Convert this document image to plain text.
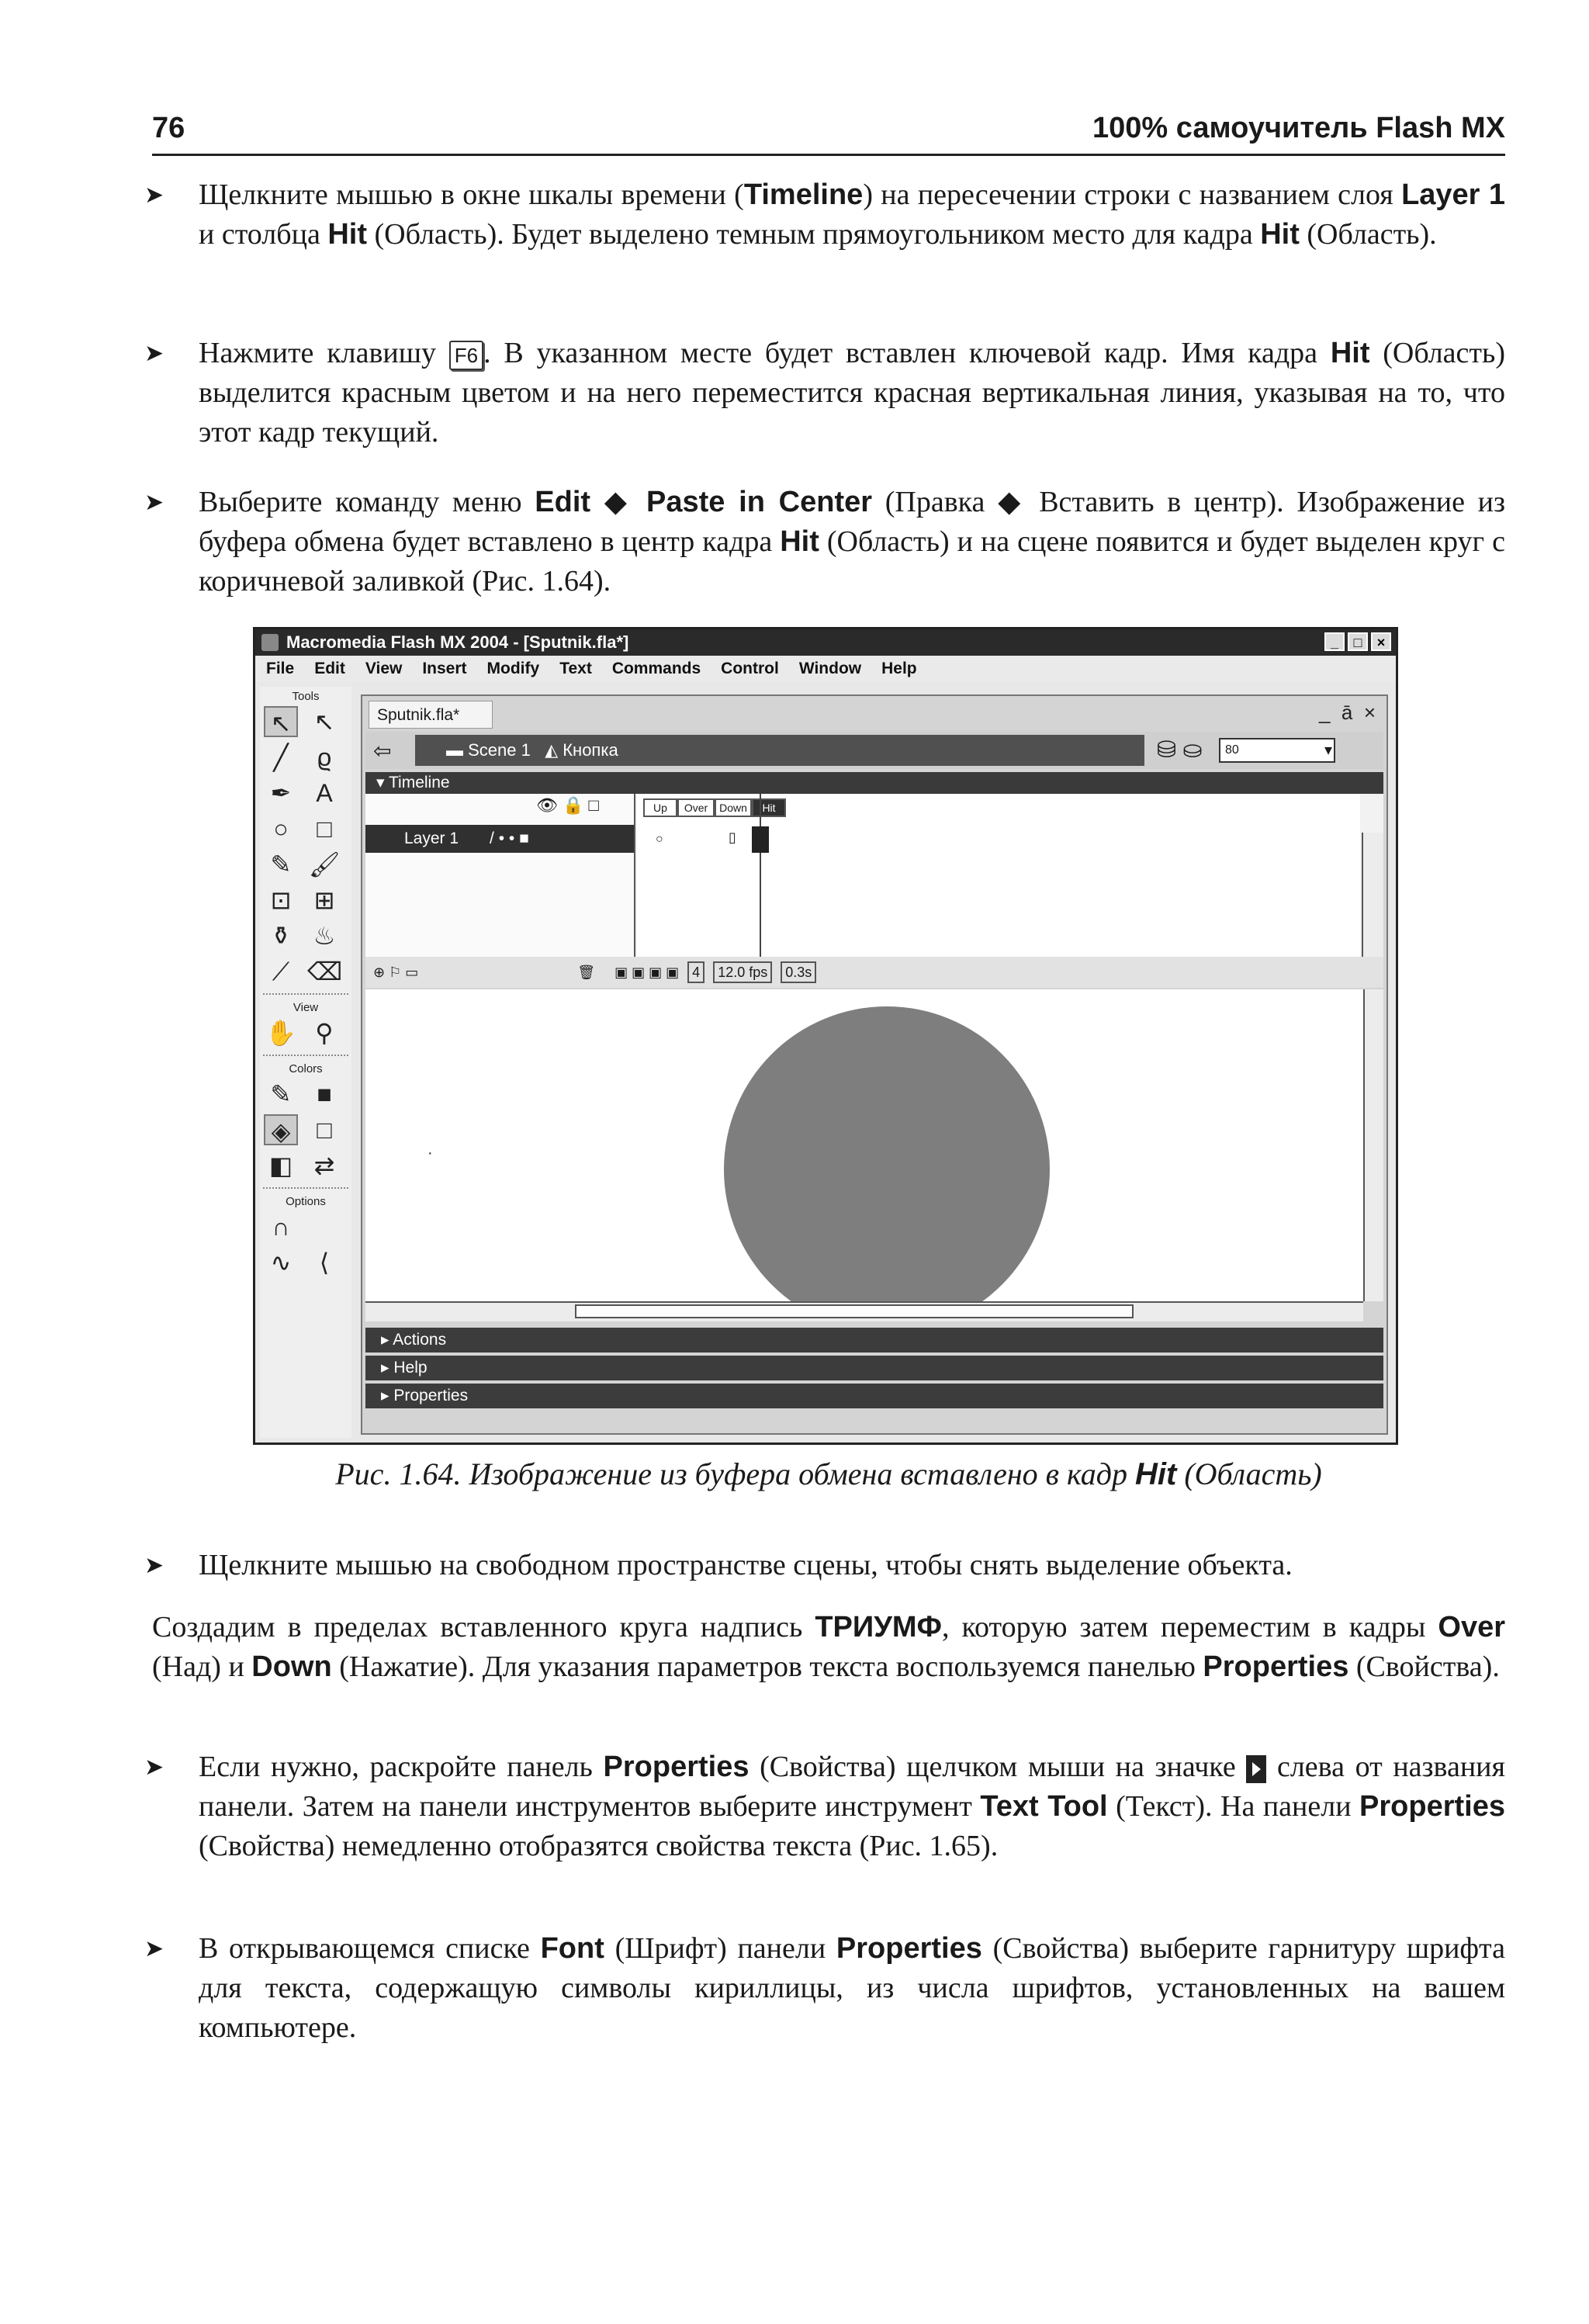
76	100% самоучитель Flash MX
➤ Щелкните мышью в окне шкалы времени (Timeline) на пересечении строки с названием слоя Layer 1 и столбца Hit (Область). Будет выделено темным прямоугольником место для кадра Hit (Область).
➤ Нажмите клавишу F6 . В указанном месте будет вставлен ключевой кадр. Имя кадра Hit (Область) выделится красным цветом и на него переместится красная вертикальная линия, указывая на то, что этот кадр текущий.
➤ Выберите команду меню Edit ◆ Paste in Center (Правка ◆ Вставить в центр). Изображение из буфера обмена будет вставлено в центр кадра Hit (Область) и на сцене появится и будет выделен круг с коричневой заливкой (Рис. 1.64).
Macromedia Flash MX 2004 - [Sputnik.fla*]	_	□	×
File Edit View Insert Modify Text Commands Control Window Help
Tools
↖ ↖
╱	ϱ
✒ A
○	□
✎ 🖌
⊡ ⊞
⚱ ♨
⟋ ⌫
View
✋ ⚲
Colors
✎	■
◈	□
◧ ⇄
Options
∩
∿	⟨
Sputnik.fla*	_  ā  ×
⇦	▬ Scene 1 ◭ Кнопка	⛁ ⛀	80 ▾
▾ Timeline
👁 🔒 □
Layer 1 / • • ■
Up	Over	Down	Hit
○	▯
⊕ ⚐ ▭	🗑 ▣ ▣ ▣ ▣ 4 12.0 fps 0.3s
·
▸ Actions
▸ Help
▸ Properties
Рис. 1.64. Изображение из буфера обмена вставлено в кадр Hit (Область)
➤ Щелкните мышью на свободном пространстве сцены, чтобы снять выделение объекта.
Создадим в пределах вставленного круга надпись ТРИУМФ, которую затем переместим в кадры Over (Над) и Down (Нажатие). Для указания параметров текста воспользуемся панелью Properties (Свойства).
➤ Если нужно, раскройте панель Properties (Свойства) щелчком мыши на значке  слева от названия панели. Затем на панели инструментов выберите инструмент Text Tool (Текст). На панели Properties (Свойства) немедленно отобразятся свойства текста (Рис. 1.65).
➤ В открывающемся списке Font (Шрифт) панели Properties (Свойства) выберите гарнитуру шрифта для текста, содержащую символы кириллицы, из числа шрифтов, установленных на вашем компьютере.
